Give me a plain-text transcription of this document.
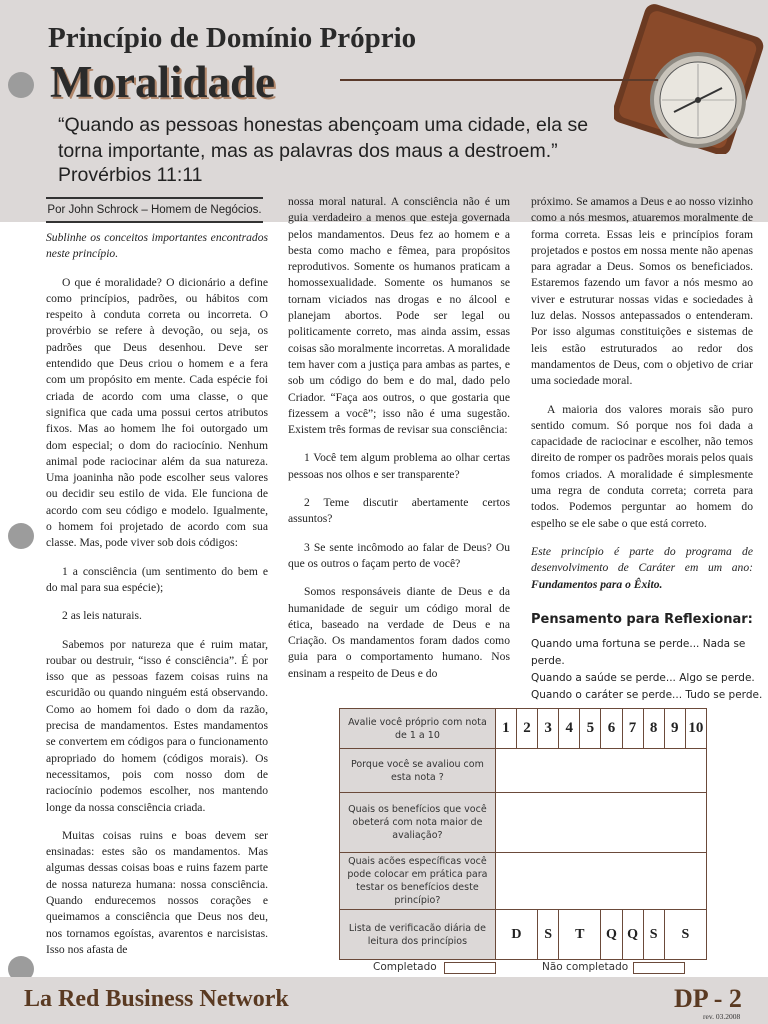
Princípio de Domínio Próprio
Moralidade
“Quando as pessoas honestas abençoam uma cidade, ela se torna importante, mas as palavras dos maus a destroem.”
Provérbios 11:11
Por John Schrock – Homem de Negócios.

Sublinhe os conceitos importantes encontrados neste princípio.

O que é moralidade? O dicionário a define como princípios, padrões, ou hábitos com respeito à conduta correta ou incorreta. O provérbio se refere à devoção, ou seja, os padrões que Deus desenhou. Deve ser entendido que Deus criou o homem e a fera com um propósito em mente. Cada espécie foi criada de acordo com uma classe, o que significa que cada uma possui certos atributos fixos. Mas ao homem lhe foi outorgado um dom especial; o dom do raciocínio. Nenhum animal pode raciocinar além da sua natureza. Uma joaninha não pode escolher seus valores ou decidir seu estilo de vida. Ele funciona de acordo com seu código e modelo. Igualmente, o homem foi projetado de acordo com sua classe. Mas, pode viver sob dois códigos:

1 a consciência (um sentimento do bem e do mal para sua espécie);

2 as leis naturais.

Sabemos por natureza que é ruim matar, roubar ou destruir, “isso é consciência”. É por isso que as pessoas fazem coisas ruins na escuridão ou quando ninguém está observando. Como ao homem foi dado o dom da razão, precisa de mandamentos. Estes mandamentos se convertem em códigos para o funcionamento apropriado do homem (códigos morais). Os necessitamos, pois com nosso dom de raciocínio podemos escolher, nos mantendo longe da nossa consciência criada.

Muitas coisas ruins e boas devem ser ensinadas: estes são os mandamentos. Mas algumas dessas coisas boas e ruins fazem parte de nossa natureza humana: nossa consciência. Quando endurecemos nossos corações e queimamos a consciência que Deus nos deu, nos tornamos egoístas, avarentos e narcisistas. Isso nos afasta de

nossa moral natural. A consciência não é um guia verdadeiro a menos que esteja governada pelos mandamentos. Deus fez ao homem e a besta como macho e fêmea, para propósitos reprodutivos. Somente os humanos praticam a homossexualidade. Somente os humanos se tornam viciados nas drogas e no álcool e planejam abortos. Pode ser legal ou politicamente correto, mas ainda assim, essas coisas são moralmente incorretas. A moralidade tem haver com a justiça para ambas as partes, e sob um código do bem e do mal, dado pelo Criador. “Faça aos outros, o que gostaria que fizessem a você”; isso não é uma sugestão. Existem três formas de revisar sua consciência:

1 Você tem algum problema ao olhar certas pessoas nos olhos e ser transparente?

2 Teme discutir abertamente certos assuntos?

3 Se sente incômodo ao falar de Deus? Ou que os outros o façam perto de você?

Somos responsáveis diante de Deus e da humanidade de seguir um código moral de ética, baseado na verdade de Deus e na Criação. Os mandamentos foram dados como guia para o comportamento humano. Nos ensinam a respeito de Deus e do

próximo. Se amamos a Deus e ao nosso vizinho como a nós mesmos, atuaremos moralmente de forma correta. Essas leis e princípios foram projetados e postos em nossa mente não apenas para agradar a Deus. Somos os beneficiados. Estaremos fazendo um favor a nós mesmo ao viver e estruturar nossas vidas e sociedades à luz delas. Nossos antepassados o entenderam. Por isso algumas constituições e sistemas de leis estão estruturados ao redor dos mandamentos de Deus, com o objetivo de criar uma sociedade moral.

A maioria dos valores morais são puro sentido comum. Só porque nos foi dada a capacidade de raciocinar e escolher, não temos direito de romper os padrões morais pelos quais fomos criados. A moralidade é simplesmente uma regra de conduta correta; correta para todos. Podemos perguntar ao homem do espelho se ele sabe o que está correto.

Este princípio é parte do programa de desenvolvimento de Caráter em um ano: Fundamentos para o Êxito.

Pensamento para Reflexionar:
Quando uma fortuna se perde... Nada se
perde.
Quando a saúde se perde... Algo se perde.
Quando o caráter se perde... Tudo se perde.
Avalie você próprio com nota de 1 a 10	1	2	3	4	5	6	7	8	9	10
Porque você se avaliou com esta nota ?										
Quais os benefícios que você obeterá com nota maior de avaliação?										
Quais acões específicas você pode colocar em prática para testar os benefícios deste princípio?										
Lista de verificacão diária de leitura dos princípios	D		S	T		Q	Q	S	S	
Completado	Não completado
La Red Business Network	DP - 2
rev. 03.2008
